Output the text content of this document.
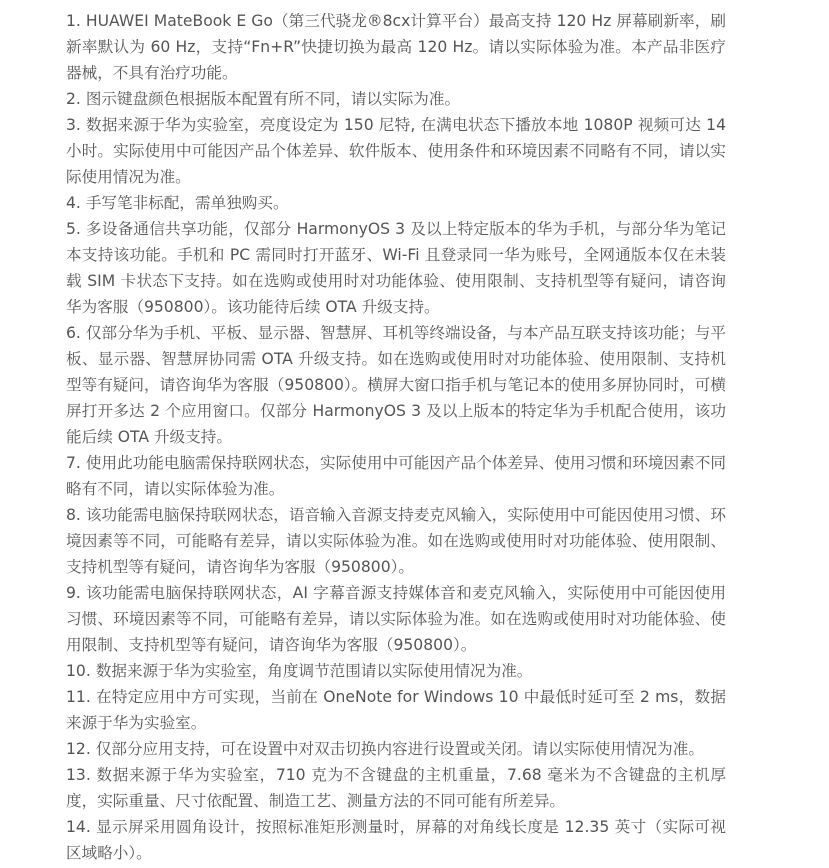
1. HUAWEI MateBook E Go（第三代骁龙®8cx计算平台）最高支持 120 Hz 屏幕刷新率，刷新率默认为 60 Hz，支持“Fn+R”快捷切换为最高 120 Hz。请以实际体验为准。本产品非医疗器械，不具有治疗功能。
2. 图示键盘颜色根据版本配置有所不同，请以实际为准。
3. 数据来源于华为实验室，亮度设定为 150 尼特, 在满电状态下播放本地 1080P 视频可达 14 小时。实际使用中可能因产品个体差异、软件版本、使用条件和环境因素不同略有不同，请以实际使用情况为准。
4. 手写笔非标配，需单独购买。
5. 多设备通信共享功能，仅部分 HarmonyOS 3 及以上特定版本的华为手机，与部分华为笔记本支持该功能。手机和 PC 需同时打开蓝牙、Wi-Fi 且登录同一华为账号，全网通版本仅在未装载 SIM 卡状态下支持。如在选购或使用时对功能体验、使用限制、支持机型等有疑问，请咨询华为客服（950800）。该功能待后续 OTA 升级支持。
6. 仅部分华为手机、平板、显示器、智慧屏、耳机等终端设备，与本产品互联支持该功能；与平板、显示器、智慧屏协同需 OTA 升级支持。如在选购或使用时对功能体验、使用限制、支持机型等有疑问，请咨询华为客服（950800）。横屏大窗口指手机与笔记本的使用多屏协同时，可横屏打开多达 2 个应用窗口。仅部分 HarmonyOS 3 及以上版本的特定华为手机配合使用，该功能后续 OTA 升级支持。
7. 使用此功能电脑需保持联网状态，实际使用中可能因产品个体差异、使用习惯和环境因素不同略有不同，请以实际体验为准。
8. 该功能需电脑保持联网状态，语音输入音源支持麦克风输入，实际使用中可能因使用习惯、环境因素等不同，可能略有差异，请以实际体验为准。如在选购或使用时对功能体验、使用限制、支持机型等有疑问，请咨询华为客服（950800）。
9. 该功能需电脑保持联网状态，AI 字幕音源支持媒体音和麦克风输入，实际使用中可能因使用习惯、环境因素等不同，可能略有差异，请以实际体验为准。如在选购或使用时对功能体验、使用限制、支持机型等有疑问，请咨询华为客服（950800）。
10. 数据来源于华为实验室，角度调节范围请以实际使用情况为准。
11. 在特定应用中方可实现，当前在 OneNote for Windows 10 中最低时延可至 2 ms，数据来源于华为实验室。
12. 仅部分应用支持，可在设置中对双击切换内容进行设置或关闭。请以实际使用情况为准。
13. 数据来源于华为实验室，710 克为不含键盘的主机重量，7.68 毫米为不含键盘的主机厚度，实际重量、尺寸依配置、制造工艺、测量方法的不同可能有所差异。
14. 显示屏采用圆角设计，按照标准矩形测量时，屏幕的对角线长度是 12.35 英寸（实际可视区域略小）。
